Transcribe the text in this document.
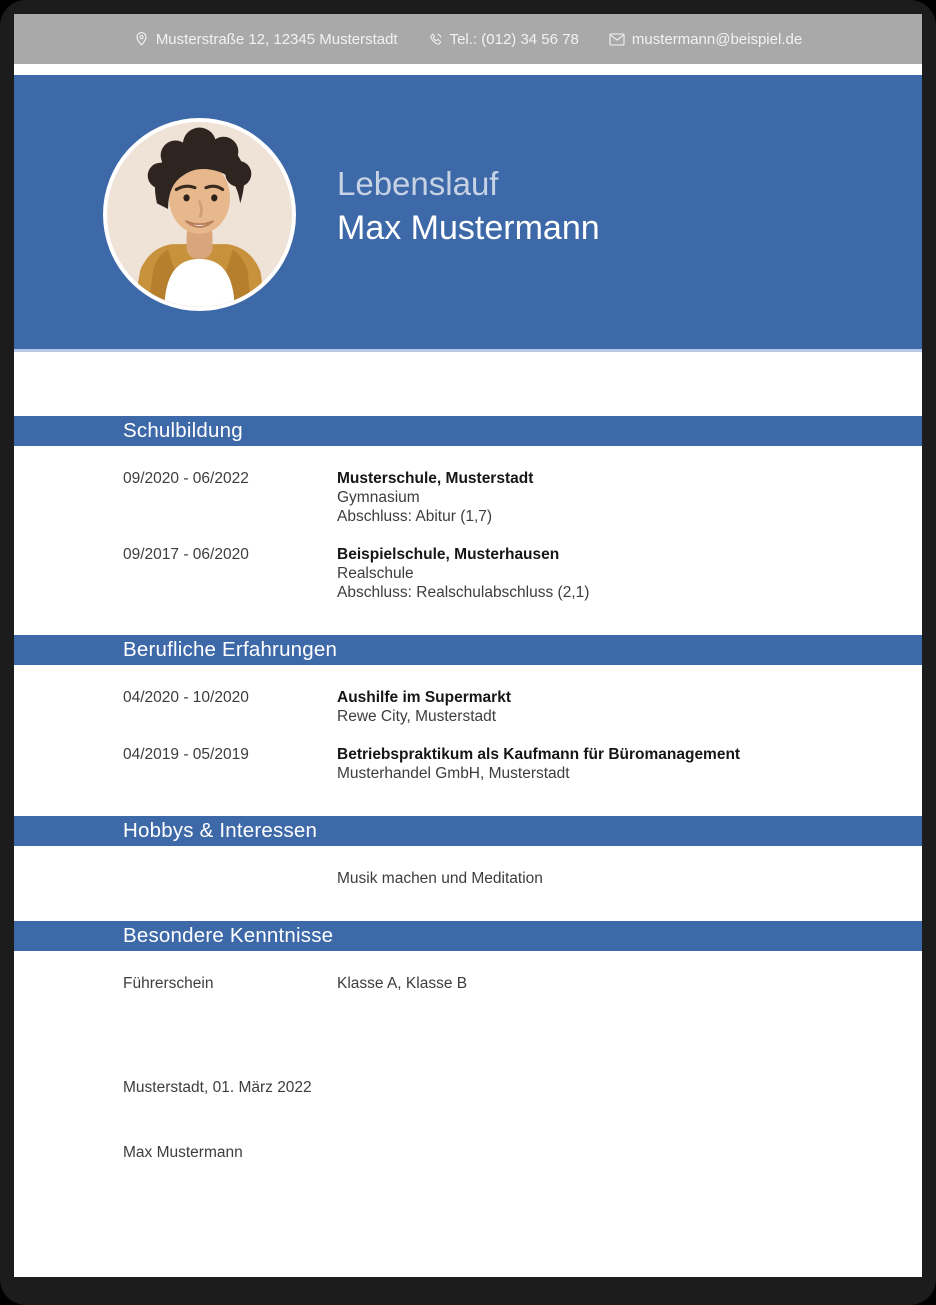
Musterstraße 12, 12345 Musterstadt	Tel.: (012) 34 56 78	mustermann@beispiel.de
Lebenslauf
Max Mustermann
Schulbildung
09/2020 - 06/2022	Musterschule, Musterstadt
Gymnasium
Abschluss: Abitur (1,7)
09/2017 - 06/2020	Beispielschule, Musterhausen
Realschule
Abschluss: Realschulabschluss (2,1)
Berufliche Erfahrungen
04/2020 - 10/2020	Aushilfe im Supermarkt
Rewe City, Musterstadt
04/2019 - 05/2019	Betriebspraktikum als Kaufmann für Büromanagement
Musterhandel GmbH, Musterstadt
Hobbys & Interessen
Musik machen und Meditation
Besondere Kenntnisse
Führerschein	Klasse A, Klasse B
Musterstadt, 01. März 2022
Max Mustermann
